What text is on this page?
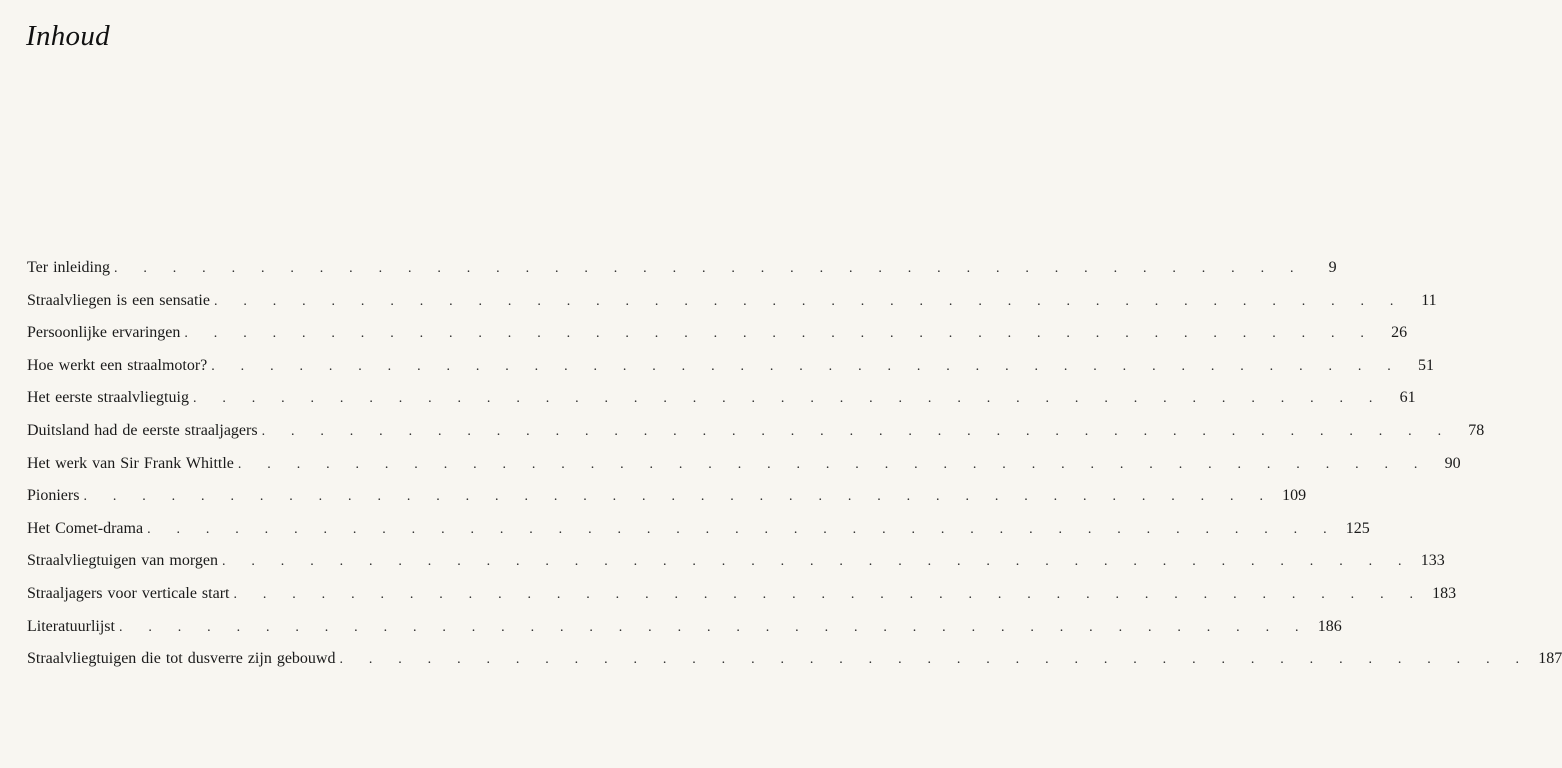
Inhoud
Ter inleiding . . . . . . . . . . . . . . . . . . . . . . . . . . . . . . . . . . . . . . . . .	9
Straalvliegen is een sensatie . . . . . . . . . . . . . . . . . . . . . . . . . . . . . . . . . . . . . . . . .	11
Persoonlijke ervaringen . . . . . . . . . . . . . . . . . . . . . . . . . . . . . . . . . . . . . . . . .	26
Hoe werkt een straalmotor? . . . . . . . . . . . . . . . . . . . . . . . . . . . . . . . . . . . . . . . . .	51
Het eerste straalvliegtuig . . . . . . . . . . . . . . . . . . . . . . . . . . . . . . . . . . . . . . . . .	61
Duitsland had de eerste straaljagers . . . . . . . . . . . . . . . . . . . . . . . . . . . . . . . . . . . . . . . . .	78
Het werk van Sir Frank Whittle . . . . . . . . . . . . . . . . . . . . . . . . . . . . . . . . . . . . . . . . .	90
Pioniers . . . . . . . . . . . . . . . . . . . . . . . . . . . . . . . . . . . . . . . . . 109
Het Comet-drama . . . . . . . . . . . . . . . . . . . . . . . . . . . . . . . . . . . . . . . . . 125
Straalvliegtuigen van morgen . . . . . . . . . . . . . . . . . . . . . . . . . . . . . . . . . . . . . . . . . 133
Straaljagers voor verticale start . . . . . . . . . . . . . . . . . . . . . . . . . . . . . . . . . . . . . . . . . 183
Literatuurlijst . . . . . . . . . . . . . . . . . . . . . . . . . . . . . . . . . . . . . . . . . 186
Straalvliegtuigen die tot dusverre zijn gebouwd . . . . . . . . . . . . . . . . . . . . . . . . . . . . . . . . . . . . . . . . . 187
